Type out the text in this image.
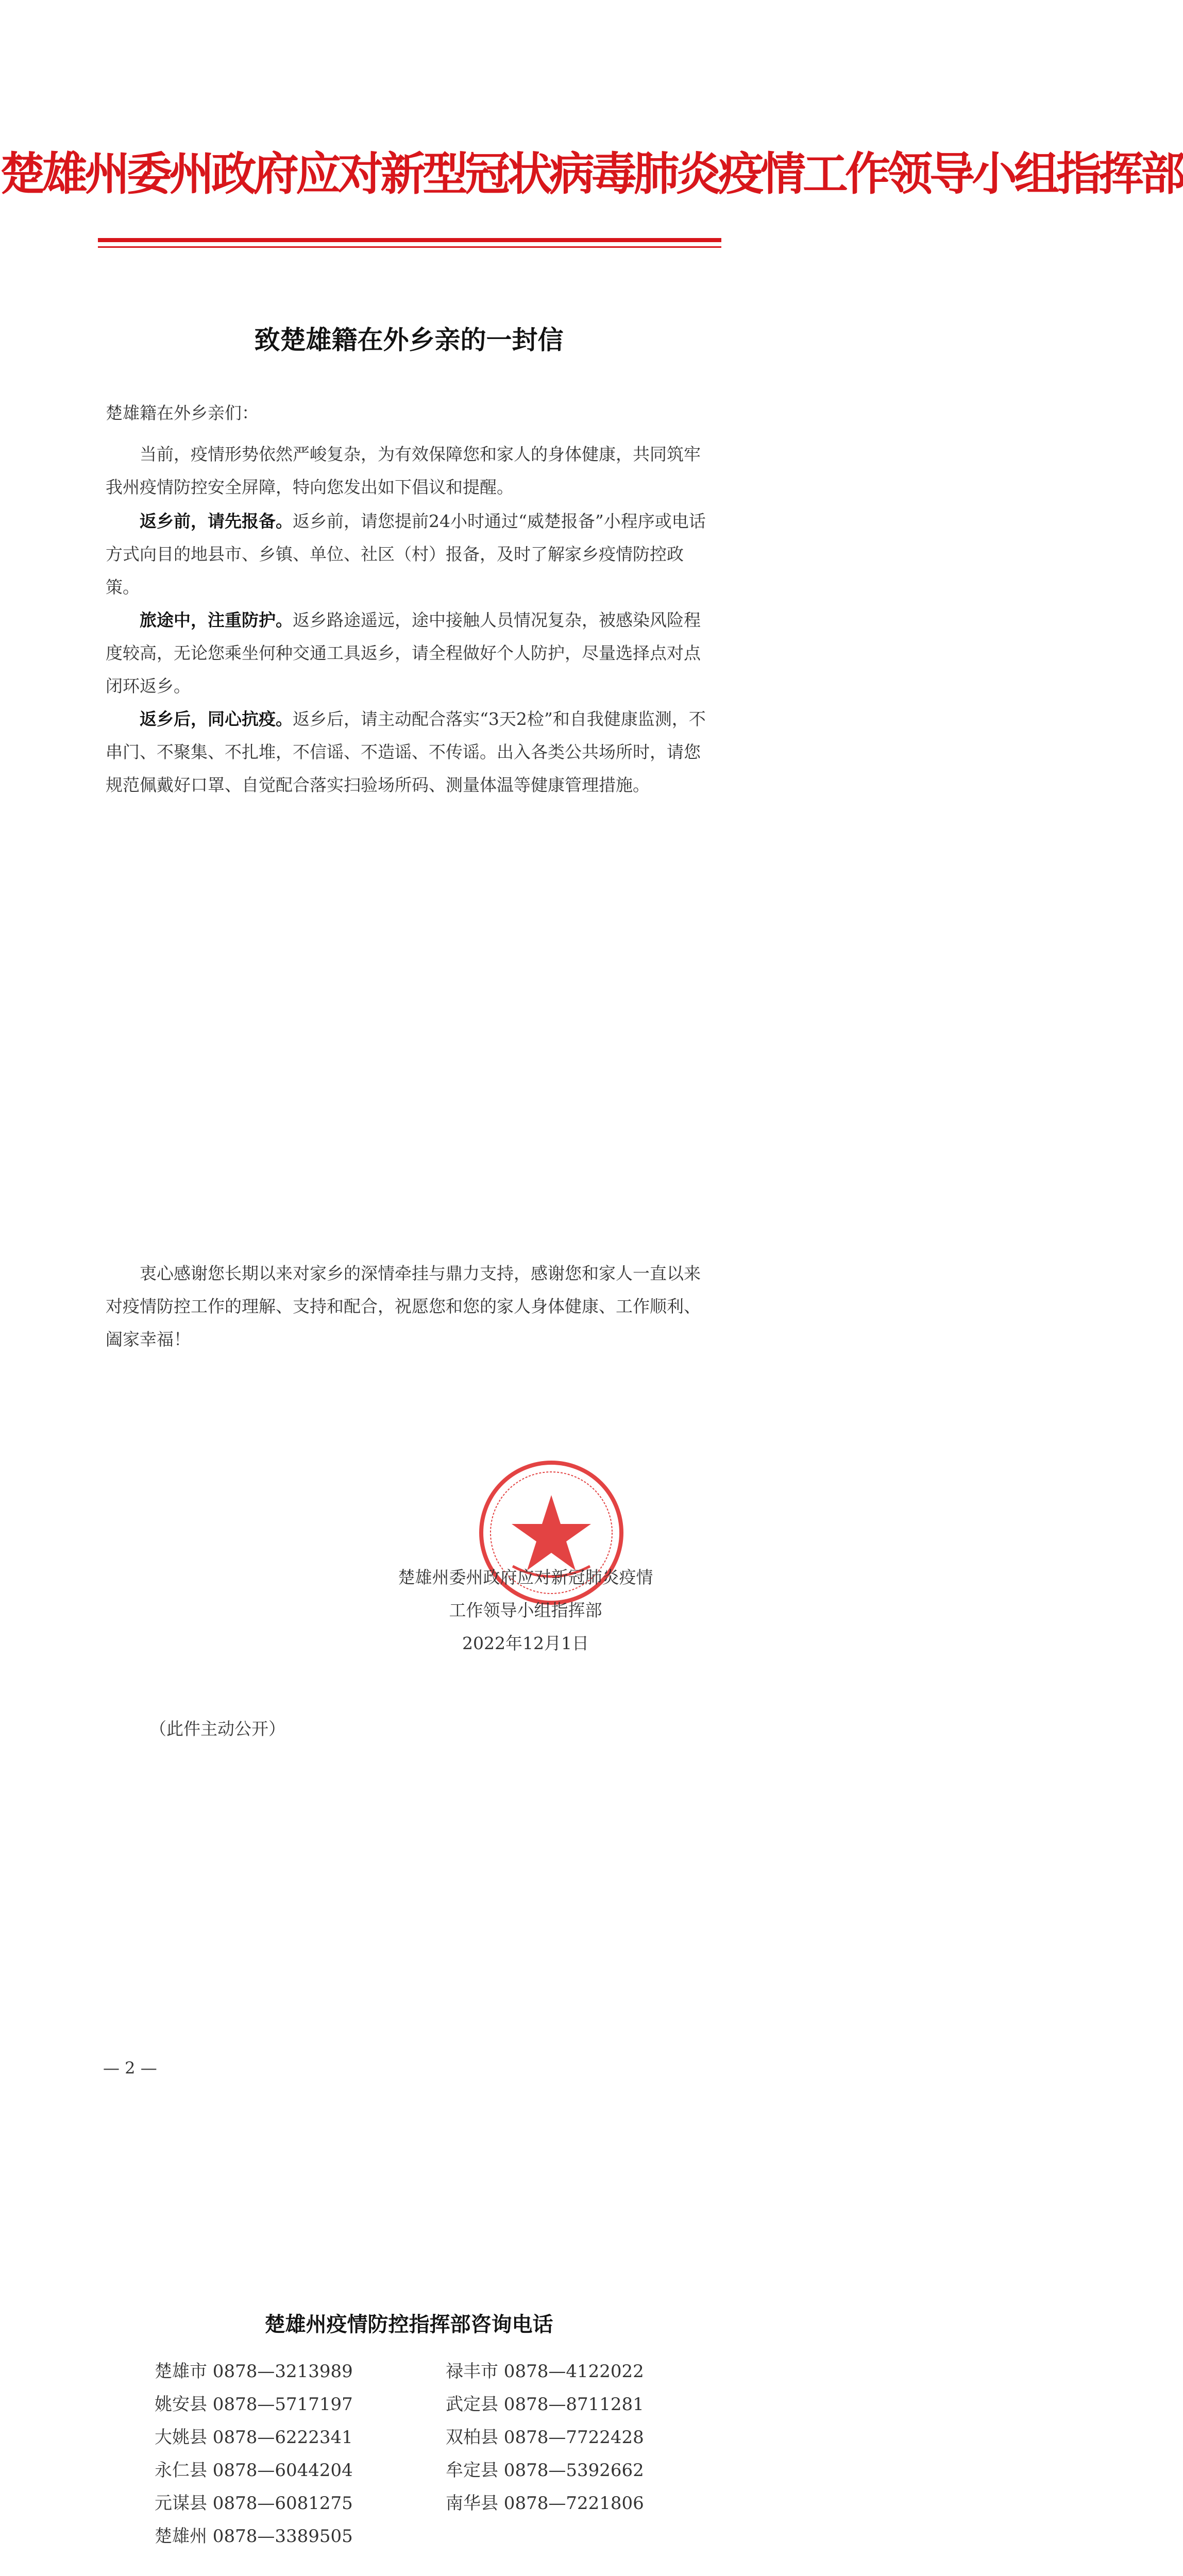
楚雄州委州政府应对新型冠状病毒肺炎疫情工作领导小组指挥部
致楚雄籍在外乡亲的一封信
楚雄籍在外乡亲们：

当前，疫情形势依然严峻复杂，为有效保障您和家人的身体健康，共同筑牢我州疫情防控安全屏障，特向您发出如下倡议和提醒。

返乡前，请先报备。返乡前，请您提前24小时通过“威楚报备”小程序或电话方式向目的地县市、乡镇、单位、社区（村）报备，及时了解家乡疫情防控政策。

旅途中，注重防护。返乡路途遥远，途中接触人员情况复杂，被感染风险程度较高，无论您乘坐何种交通工具返乡，请全程做好个人防护，尽量选择点对点闭环返乡。

返乡后，同心抗疫。返乡后，请主动配合落实“3天2检”和自我健康监测，不串门、不聚集、不扎堆，不信谣、不造谣、不传谣。出入各类公共场所时，请您规范佩戴好口罩、自觉配合落实扫验场所码、测量体温等健康管理措施。

衷心感谢您长期以来对家乡的深情牵挂与鼎力支持，感谢您和家人一直以来对疫情防控工作的理解、支持和配合，祝愿您和您的家人身体健康、工作顺利、阖家幸福！

楚雄州委州政府应对新冠肺炎疫情
工作领导小组指挥部
2022年12月1日
（此件主动公开）
— 2 —
楚雄州疫情防控指挥部咨询电话
楚雄市 0878—3213989	禄丰市 0878—4122022
姚安县 0878—5717197	武定县 0878—8711281
大姚县 0878—6222341	双柏县 0878—7722428
永仁县 0878—6044204	牟定县 0878—5392662
元谋县 0878—6081275	南华县 0878—7221806
楚雄州 0878—3389505
